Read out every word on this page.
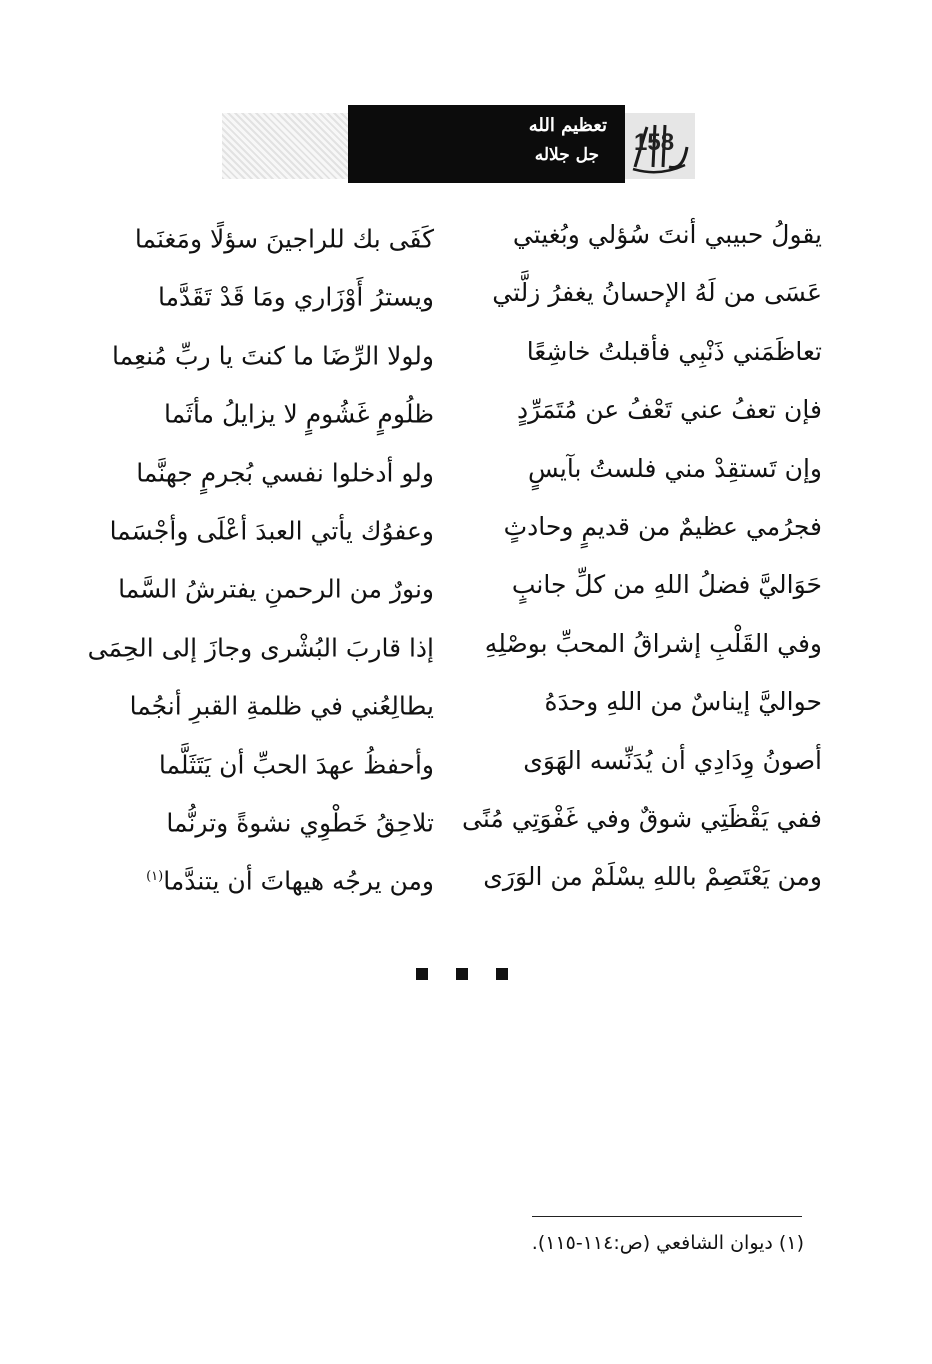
تعظيم الله
جل جلاله 158
يقولُ حبيبي أنتَ سُؤلي وبُغيتي
كَفَى بك للراجينَ سؤلًا ومَغنَما
عَسَى من لَهُ الإحسانُ يغفرُ زلَّتي
ويسترُ أَوْزَاري ومَا قَدْ تَقَدَّما
تعاظَمَني ذَنْبِي فأقبلتُ خاشِعًا
ولولا الرِّضَا ما كنتَ يا ربِّ مُنعِما
فإن تعفُ عني تَعْفُ عن مُتَمَرِّدٍ
ظلُومٍ غَشُومٍ لا يزايلُ مأثَما
وإن تَستقِدْ مني فلستُ بآيسٍ
ولو أدخلوا نفسي بُجرمٍ جهنَّما
فجرُمي عظيمٌ من قديمٍ وحادثٍ
وعفوُك يأتي العبدَ أعْلَى وأجْسَما
حَوَاليَّ فضلُ اللهِ من كلِّ جانبٍ
ونورٌ من الرحمنِ يفترشُ السَّما
وفي القَلْبِ إشراقُ المحبِّ بوصْلِهِ
إذا قاربَ البُشْرى وجازَ إلى الحِمَى
حواليَّ إيناسٌ من اللهِ وحدَهُ
يطالِعُني في ظلمةِ القبرِ أنجُما
أصونُ وِدَادِي أن يُدَنِّسه الهَوَى
وأحفظُ عهدَ الحبِّ أن يَتَثَلَّما
ففي يَقْظَتِي شوقٌ وفي غَفْوَتِي مُنًى
تلاحِقُ خَطْوِي نشوةً وترنُّما
ومن يَعْتَصِمْ باللهِ يسْلَمْ من الوَرَى
ومن يرجُه هيهاتَ أن يتندَّما$^{(١)}$
(١) ديوان الشافعي (ص:١١٤-١١٥).
